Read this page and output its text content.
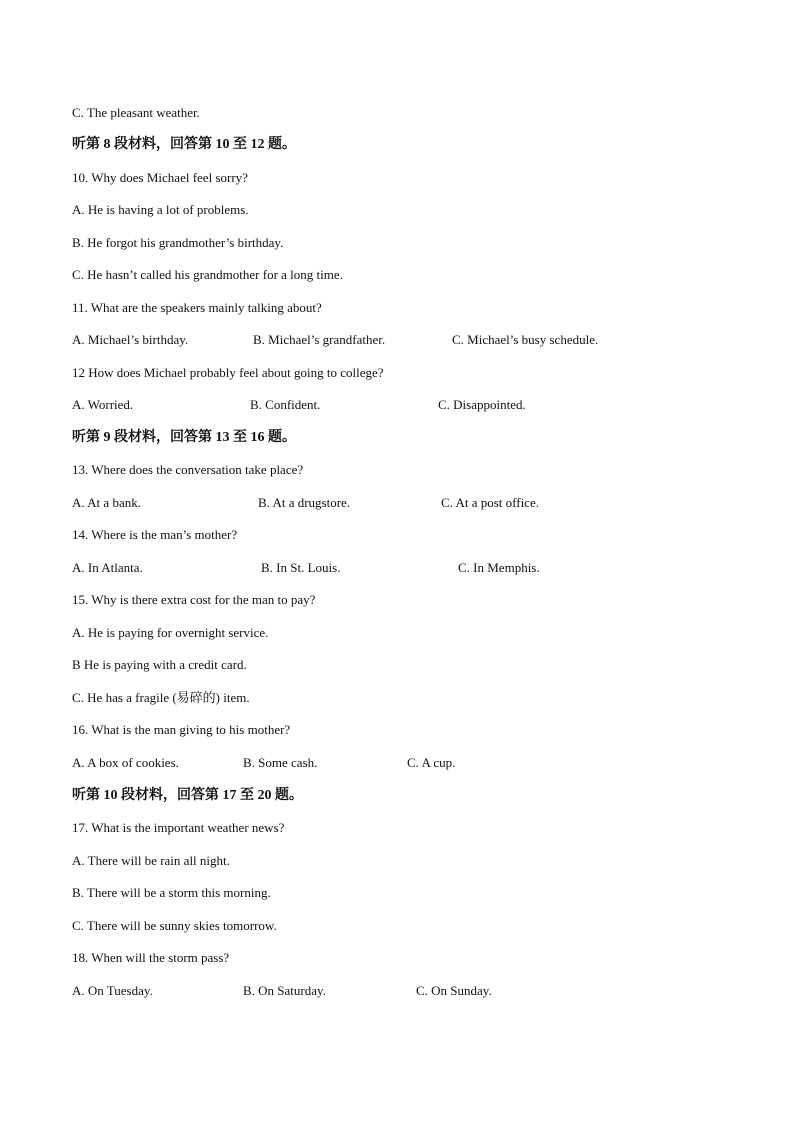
C. The pleasant weather.
听第 8 段材料，回答第 10 至 12 题。
10. Why does Michael feel sorry?
A. He is having a lot of problems.
B. He forgot his grandmother’s birthday.
C. He hasn’t called his grandmother for a long time.
11. What are the speakers mainly talking about?
A. Michael’s birthday.	B. Michael’s grandfather.	C. Michael’s busy schedule.
12 How does Michael probably feel about going to college?
A. Worried.	B. Confident.	C. Disappointed.
听第 9 段材料，回答第 13 至 16 题。
13. Where does the conversation take place?
A. At a bank.	B. At a drugstore.	C. At a post office.
14. Where is the man’s mother?
A. In Atlanta.	B. In St. Louis.	C. In Memphis.
15. Why is there extra cost for the man to pay?
A. He is paying for overnight service.
B He is paying with a credit card.
C. He has a fragile (易碎的) item.
16. What is the man giving to his mother?
A. A box of cookies.	B. Some cash.	C. A cup.
听第 10 段材料，回答第 17 至 20 题。
17. What is the important weather news?
A. There will be rain all night.
B. There will be a storm this morning.
C. There will be sunny skies tomorrow.
18. When will the storm pass?
A. On Tuesday.	B. On Saturday.	C. On Sunday.
